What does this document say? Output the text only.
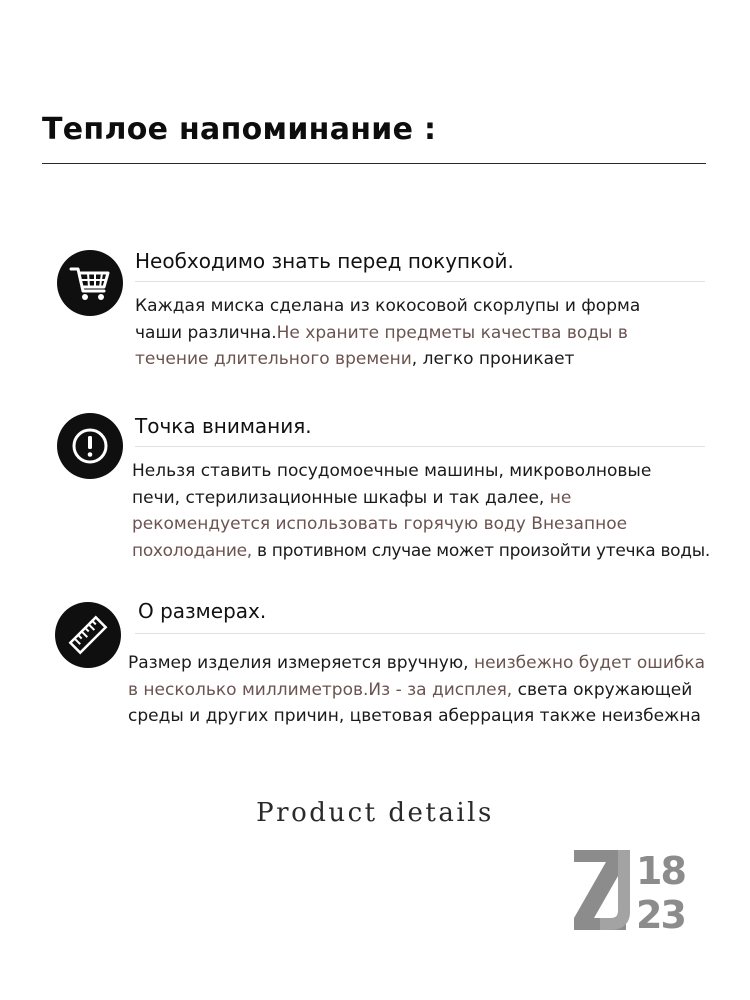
Теплое напоминание :
Необходимо знать перед покупкой.
Каждая миска сделана из кокосовой скорлупы и форма
чаши различна.Не храните предметы качества воды в
течение длительного времени, легко проникает
Точка внимания.
Нельзя ставить посудомоечные машины, микроволновые
печи, стерилизационные шкафы и так далее, не
рекомендуется использовать горячую воду Внезапное
похолодание, в противном случае может произойти утечка воды.
О размерах.
Размер изделия измеряется вручную, неизбежно будет ошибка
в несколько миллиметров.Из - за дисплея, света окружающей
среды и других причин, цветовая аберрация также неизбежна
Product details
18
23
